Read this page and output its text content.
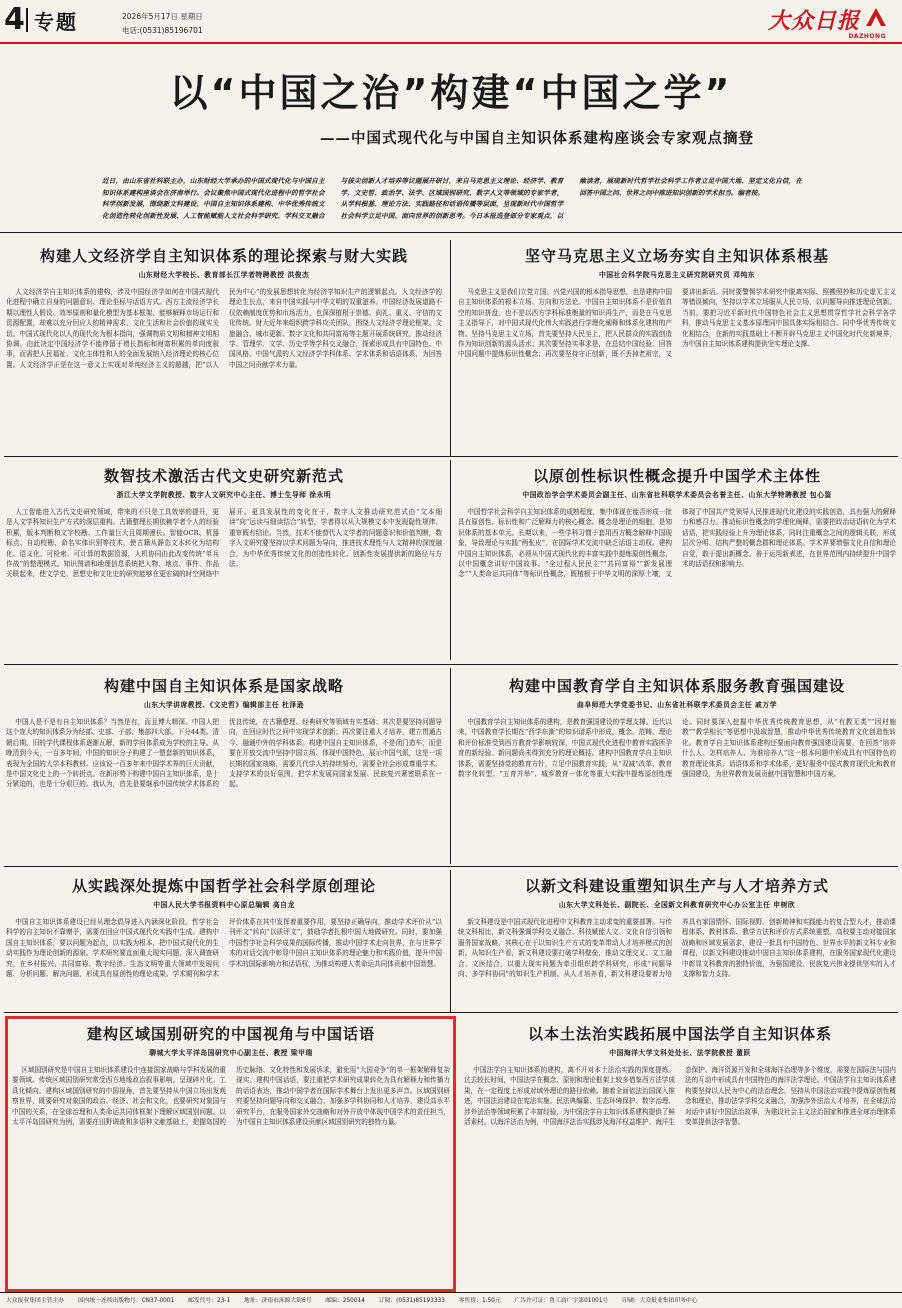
4 专题	2026年5月17日 星期日
电话:(0531)85196701	大众日报
DAZHONG
以“中国之治”构建“中国之学”
——中国式现代化与中国自主知识体系建构座谈会专家观点摘登
近日，由山东省社科联主办，山东财经大学承办的中国式现代化与中国自主知识体系建构座谈会在济南举行。会议聚焦中国式现代化进程中的哲学社会科学创新发展，围绕新文科建设、中国自主知识体系建构、中华优秀传统文化创造性转化创新性发展、人工智能赋能人文社会科学研究、学科交叉融合与拔尖创新人才培养等议题展开研讨，来自马克思主义理论、经济学、教育学、文史哲、政治学、法学、区域国别研究、数字人文等领域的专家学者，从学科根基、理论方法、实践路径和话语传播等层面，呈现新时代中国哲学社会科学立足中国、面向世界的创新思考。今日本报选登部分专家观点，以飨读者，展现新时代哲学社会科学工作者立足中国大地、坚定文化自信，在回答中国之问、世界之问中推进知识创新的学术担当。编者按。
构建人文经济学自主知识体系的理论探索与财大实践
山东财经大学校长、教育部长江学者特聘教授 洪俊杰

人文经济学自主知识体系的建构，涉及中国经济学如何在中国式现代化进程中确立自身的问题意识、理论坐标与话语方式。西方主流经济学长期以理性人假设、效率原则和量化模型为基本框架，能够解释市场运行和资源配置，却难以充分回应人的精神需求、文化生活和社会价值的现实关切。中国式现代化以人的现代化为根本指向，强调物质文明和精神文明相协调，由此决定中国经济学不能停留于增长指标和财富积累的单向度叙事，而需把人民福祉、文化主体性和人的全面发展纳入经济理论的核心位置。人文经济学正是在这一意义上实现对单纯经济主义的超越，把“以人民为中心”的发展思想转化为经济学知识生产的逻辑起点。人文经济学的理论生长点，来自中国实践与中华文明的双重滋养。中国经济发展道路不仅依赖制度优势和市场活力，也深深植根于崇德、尚礼、重义、守信的文化传统。财大近年来组织跨学科攻关团队，围绕人文经济学理论框架、文旅融合、城市更新、数字文化和共同富裕等主题开展系统研究，推动经济学、管理学、文学、历史学等学科交叉融合，探索形成具有中国特色、中国风格、中国气派的人文经济学学科体系、学术体系和话语体系，为回答中国之问贡献学术力量。

坚守马克思主义立场夯实自主知识体系根基
中国社会科学院马克思主义研究院研究员 邓纯东

马克思主义是我们立党立国、兴党兴国的根本指导思想，也是建构中国自主知识体系的根本立场、方向和方法论。中国自主知识体系不是价值真空的知识拼盘，也不是以西方学科标准衡量的知识再生产，而是在马克思主义指导下，对中国式现代化伟大实践进行学理化阐释和体系化建构的产物。坚持马克思主义立场，首先要坚持人民至上，把人民群众的实践创造作为知识创新的源头活水；其次要坚持实事求是，在总结中国经验、回答中国问题中提炼标识性概念；再次要坚持守正创新，既不丢掉老祖宗，又要讲出新话。同时要警惕学术研究中脱离实际、照搬照抄和历史虚无主义等错误倾向，坚持以学术立场服从人民立场，以问题导向推进理论创新。当前，要把习近平新时代中国特色社会主义思想贯穿哲学社会科学各学科，推动马克思主义基本原理同中国具体实际相结合、同中华优秀传统文化相结合，在新的实践基础上不断开辟马克思主义中国化时代化新境界，为中国自主知识体系建构提供坚实理论支撑。

数智技术激活古代文史研究新范式
浙江大学文学院教授、数字人文研究中心主任、博士生导师 徐永明

人工智能进入古代文史研究领域，带来的不只是工具效率的提升，更是人文学科知识生产方式的深层重构。古籍整理长期依赖学者个人的经验积累，版本判断和文字校勘、工作量巨大且周期漫长。智能OCR、机器标点、自动校勘、命名实体识别等技术，使古籍从静态文本转化为结构化、语义化、可检索、可计算的数据资源，人机协同由此改变传统“单兵作战”的整理模式。知识图谱和地理信息系统把人物、地点、事件、作品关联起来，使文学史、思想史和文化史的研究能够在更宏阔的时空网络中展开。更具发展性的变化在于，数字人文推动研究范式由“文本细读”向“远读与细读结合”转型，学者得以从大规模文本中发现隐性规律、重审既有结论。当然，技术不能替代人文学者的问题意识和价值判断，数字人文研究要坚持以学术问题为导向，推进技术理性与人文精神的深度融合，为中华优秀传统文化的创造性转化、创新性发展提供新的路径与方法。

以原创性标识性概念提升中国学术主体性
中国政治学会学术委员会副主任、山东省社科联学术委员会名誉主任、山东大学特聘教授 包心鉴

中国哲学社会科学自主知识体系的成熟程度，集中体现在能否形成一批具有原创性、标识性和广泛解释力的核心概念。概念是理论的细胞，是知识体系的基本单元。长期以来，一些学科习惯于套用西方概念解释中国现象，导致理论与实践“两张皮”，在国际学术交流中缺乏话语主动权。建构中国自主知识体系，必须从中国式现代化的丰富实践中提炼原创性概念，以中国概念讲好中国故事。“全过程人民民主”“共同富裕”“新发展理念”“人类命运共同体”等标识性概念，既植根于中华文明的深厚土壤，又体现了中国共产党领导人民推进现代化建设的实践创造，具有强大的解释力和感召力。推动标识性概念的学理化阐释，需要把政治话语转化为学术话语，把实践经验上升为理论体系，同时注重概念之间的逻辑关联，形成层次分明、结构严整的概念群和理论体系。学术界要增强文化自信和理论自觉，敢于提出新概念、善于运用新表述，在世界范围内持续提升中国学术的话语权和影响力。

构建中国自主知识体系是国家战略
山东大学讲席教授、《文史哲》编辑部主任 杜泽逊

中国人是不是有自主知识体系？当然是有，而且博大精深。中国人把这个庞大的知识体系分为经部、史部、子部、集部四大部，下分44类。清朝后期，旧的学代课程体系逐渐瓦解，新的学问体系成为学校的主导。从晚清到今天，一百多年间，中国的知识分子构建了一整套新的知识体系，表现为全国的大学本科教材。应该说一百多年来中国学术界的巨大贡献，是中国文化史上的一个转折点。在新形势下构建中国自主知识体系，是十分紧迫的，也是十分艰巨的。我认为，首先是要继承中国传统学术体系的优良传统，在古籍整理、经典研究等领域夯实基础；其次是要坚持问题导向，在回应时代之问中实现学术创新；再次要注重人才培养，建立贯通古今、融通中外的学科体系。构建中国自主知识体系，不是闭门造车，而是要在开放交流中坚持中国立场、体现中国特色、展示中国气派，这是一项长期的国家战略，需要几代学人的持续努力，需要全社会形成尊重学术、支持学术的良好氛围，把学术发展同国家发展、民族复兴紧密联系在一起。

构建中国教育学自主知识体系服务教育强国建设
曲阜师范大学党委书记、山东省社科联学术委员会主任 戚万学

中国教育学自主知识体系的建构，是教育强国建设的学理支撑。近代以来，中国教育学长期在“西学东渐”的知识谱系中形成，概念、范畴、理论和评价标准受到西方教育学影响较深，中国式现代化进程中教育实践所孕育的新经验、新问题尚未得到充分的理论概括。建构中国教育学自主知识体系，需要坚持党的教育方针，立足中国教育实践，从“双减”改革、教育数字化转型、“五育并举”、城乡教育一体化等重大实践中提炼原创性理论。同时要深入挖掘中华优秀传统教育思想，从“有教无类”“因材施教”“教学相长”等思想中汲取智慧，推动中华优秀传统教育文化创造性转化。教育学自主知识体系建构还要面向教育强国建设需要，在回答“培养什么人、怎样培养人、为谁培养人”这一根本问题中形成具有中国特色的教育理论体系、话语体系和学术体系，更好服务中国式教育现代化和教育强国建设，为世界教育发展贡献中国智慧和中国方案。

从实践深处提炼中国哲学社会科学原创理论
中国人民大学书报资料中心原总编辑 高自龙

中国自主知识体系建设已经从理念倡导进入内涵深化阶段。哲学社会科学的自主知识不靠赠予，需要在回应中国式现代化实践中生成。建构中国自主知识体系，要以问题为起点，以实践为根本，把中国式现代化的生动实践作为理论创新的源泉。学术研究要直面重大现实问题，深入调查研究，在乡村振兴、共同富裕、数字经济、生态文明等重大领域中发现问题、分析问题、解决问题，形成具有原创性的理论成果。学术期刊和学术评价体系在其中发挥着重要作用，要坚持正确导向，推动学术评价从“以刊评文”转向“以质评文”，鼓励学者扎根中国大地做研究。同时，要加强中国哲学社会科学成果的国际传播，推动中国学术走向世界，在与世界学术的对话交流中彰显中国自主知识体系的理论魅力和实践价值，提升中国学术的国际影响力和话语权，为推动构建人类命运共同体贡献中国智慧。

以新文科建设重塑知识生产与人才培养方式
山东大学文科处长、副院长、全国新文科教育研究中心办公室主任 申树欣

新文科建设是中国式现代化进程中文科教育主动求变的重要部署。与传统文科相比，新文科强调学科交叉融合、科技赋能人文、文化自信引领和服务国家战略，其核心在于以知识生产方式的变革带动人才培养模式的创新。从知识生产看，新文科建设要打破学科壁垒，推动文理交叉、文工融合、文医结合，以重大现实问题为牵引组织跨学科研究，形成“问题导向、多学科协同”的知识生产机制。从人才培养看，新文科建设要着力培养具有家国情怀、国际视野、创新精神和实践能力的复合型人才，推动课程体系、教材体系、教学方法和评价方式系统重塑。高校要主动对接国家战略和区域发展需求，建设一批具有中国特色、世界水平的新文科专业和课程，以新文科建设推动中国自主知识体系建构，在服务国家现代化建设中彰显文科教育的独特价值，为强国建设、民族复兴伟业提供坚实的人才支撑和智力支持。

建构区域国别研究的中国视角与中国话语
聊城大学太平洋岛国研究中心副主任、教授 梁甲瑞

区域国别研究是中国自主知识体系建设中连接国家战略与学科发展的重要领域。传统区域国别研究常受西方地缘政治叙事影响，呈现碎片化、工具化倾向。建构区域国别研究的中国视角，首先要坚持从中国立场出发观察世界，既要研究对象国的政治、经济、社会和文化，也要研究对象国与中国的关系，在全球治理和人类命运共同体框架下理解区域国别问题。以太平洋岛国研究为例，需要在田野调查和多语种文献基础上，把握岛国的历史脉络、文化特性和发展诉求，避免用“大国竞争”的单一框架解释复杂现实。建构中国话语，要注重把学术研究成果转化为具有解释力和传播力的话语表达，推动中国学者在国际学术舞台上发出更多声音。区域国别研究要坚持问题导向和交叉融合，加强多学科协同和人才培养，建设高水平研究平台，在服务国家外交战略和对外开放中体现中国学术的责任担当，为中国自主知识体系建设贡献区域国别研究的独特力量。

以本土法治实践拓展中国法学自主知识体系
中国海洋大学文科处处长、法学院教授 董跃

中国法学自主知识体系的建构，离不开对本土法治实践的深度提炼。过去较长时间，中国法学在概念、原则和理论框架上较多借鉴西方法学成果，在一定程度上形成对域外理论的路径依赖。随着全面依法治国深入推进，中国法治建设在宪法实施、民法典编纂、生态环境保护、数字治理、涉外法治等领域积累了丰富经验，为中国法学自主知识体系建构提供了鲜活素材。以海洋法治为例，中国海洋法治实践涉及海洋权益维护、海洋生态保护、海洋资源开发和全球海洋治理等多个维度，需要在国际法与国内法的互动中形成具有中国特色的海洋法学理论。中国法学自主知识体系建构要坚持以人民为中心的法治理念，坚持从中国法治实践中提炼原创性概念和理论，推动法学学科交叉融合，加强涉外法治人才培养，在全球法治对话中讲好中国法治故事，为建设社会主义法治国家和推进全球治理体系变革提供法学智慧。

大众报业集团主管主办 国内统一连续出版物号：CN37-0001 邮发代号：23-1 地址：济南市泺源大街6号 邮编：250014 订阅：(0531)85193333 零售价：1.50元 广告许可证：鲁工商广字第01001号 印刷：大众报业集团印务中心
